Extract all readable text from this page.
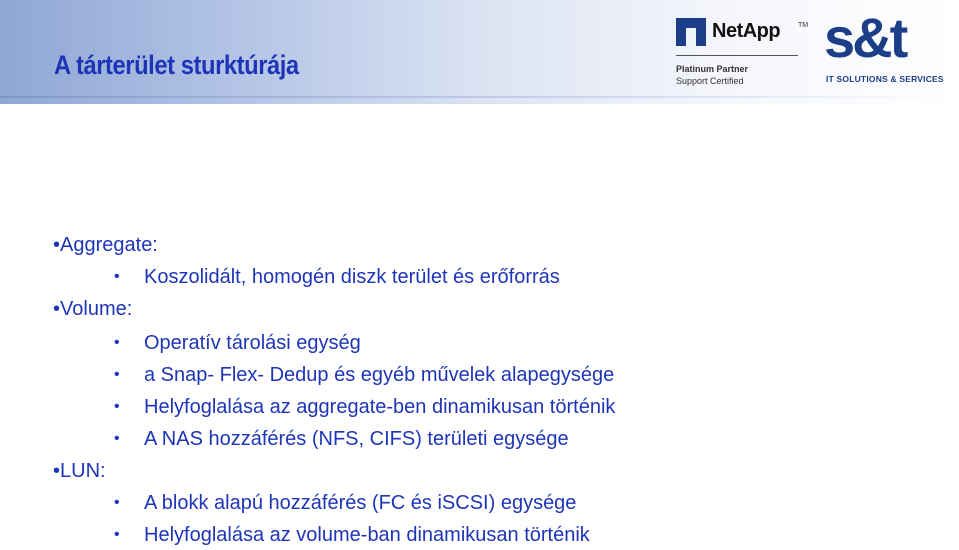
A tárterület sturktúrája
NetApp	TM
Platinum Partner
Support Certified
s&t
IT SOLUTIONS & SERVICES
•Aggregate:
• Koszolidált, homogén diszk terület és erőforrás
•Volume:
• Operatív tárolási egység
• a Snap- Flex- Dedup és egyéb művelek alapegysége
• Helyfoglalása az aggregate-ben dinamikusan történik
• A NAS hozzáférés (NFS, CIFS) területi egysége
•LUN:
• A blokk alapú hozzáférés (FC és iSCSI) egysége
• Helyfoglalása az volume-ban dinamikusan történik
